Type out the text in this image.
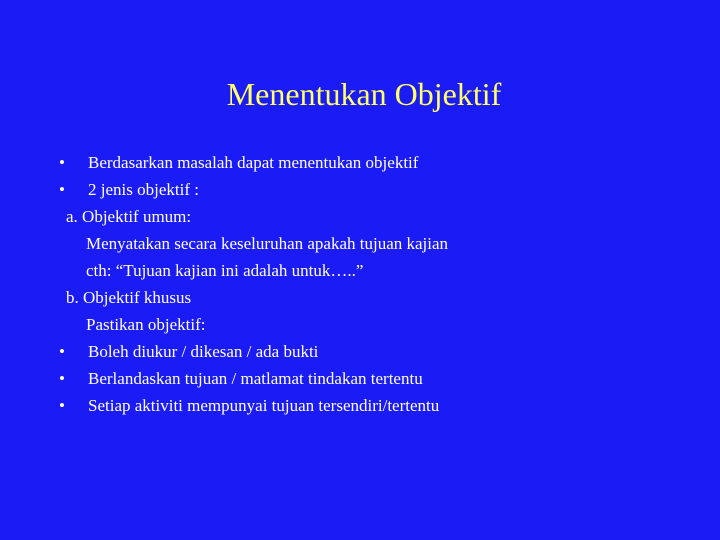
Menentukan Objektif
• Berdasarkan masalah dapat menentukan objektif
• 2 jenis objektif :
a. Objektif umum:
Menyatakan secara keseluruhan apakah tujuan kajian
cth: “Tujuan kajian ini adalah untuk…..”
b. Objektif khusus
Pastikan objektif:
• Boleh diukur / dikesan / ada bukti
• Berlandaskan tujuan / matlamat tindakan tertentu
• Setiap aktiviti mempunyai tujuan tersendiri/tertentu
